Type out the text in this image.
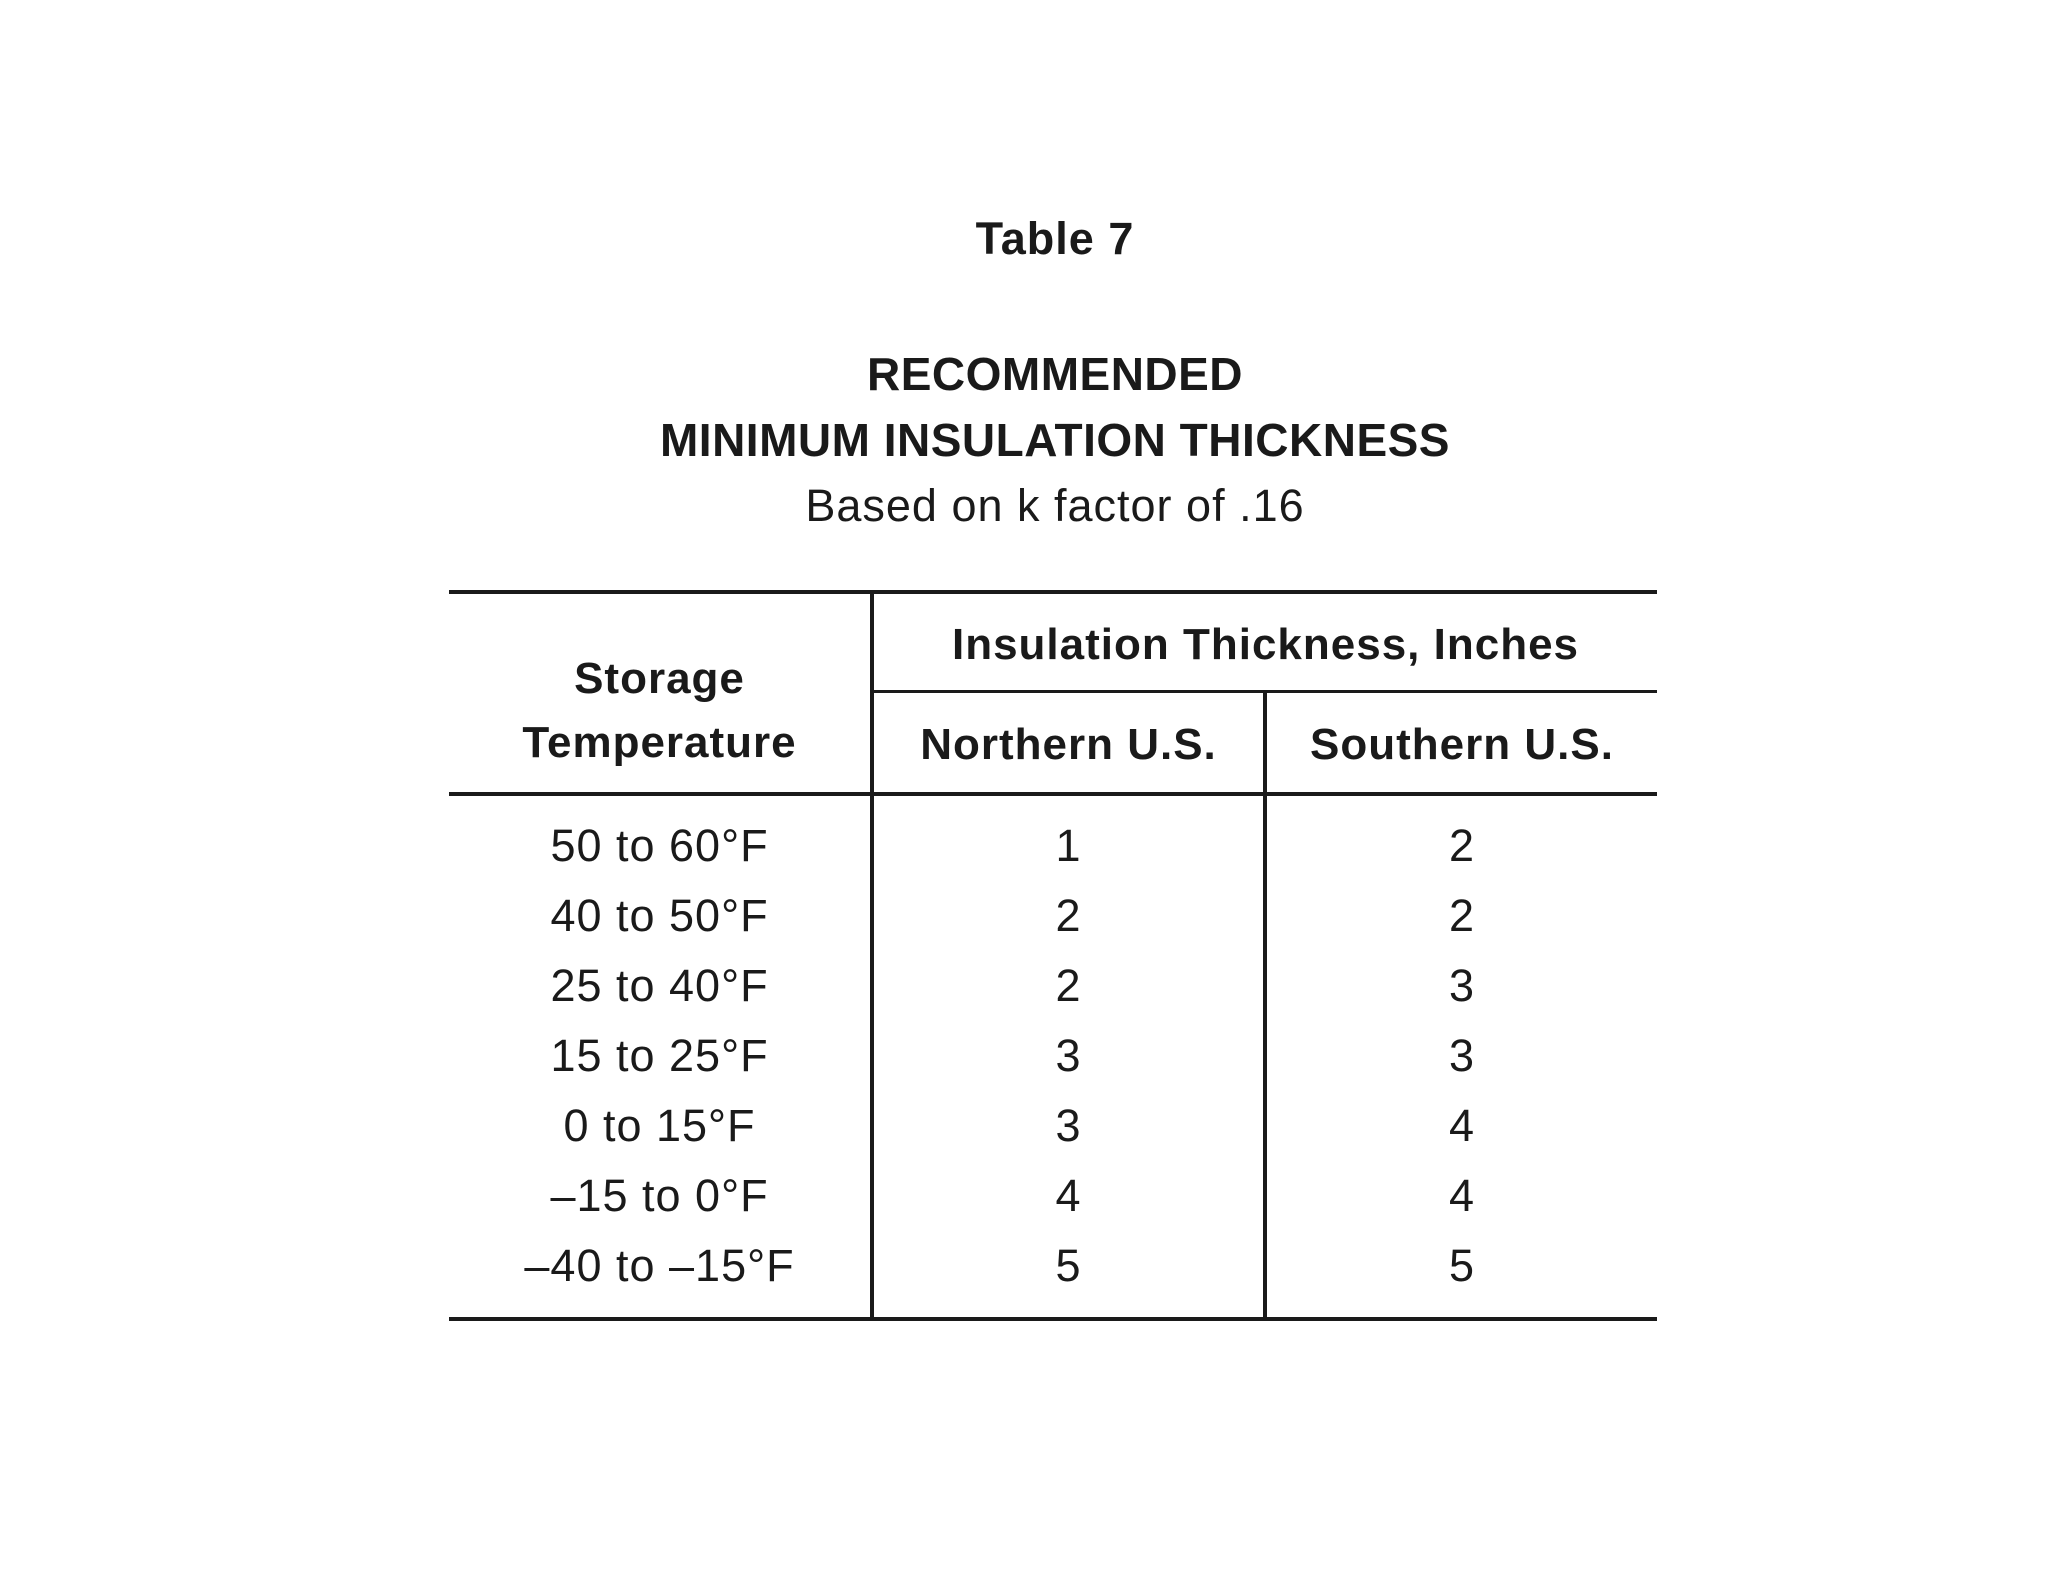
Table 7
RECOMMENDED
MINIMUM INSULATION THICKNESS
Based on k factor of .16
Storage
Temperature
Insulation Thickness, Inches
Northern U.S.	Southern U.S.
50 to 60°F	1	2
40 to 50°F	2	2
25 to 40°F	2	3
15 to 25°F	3	3
0 to 15°F	3	4
–15 to 0°F	4	4
–40 to –15°F	5	5
